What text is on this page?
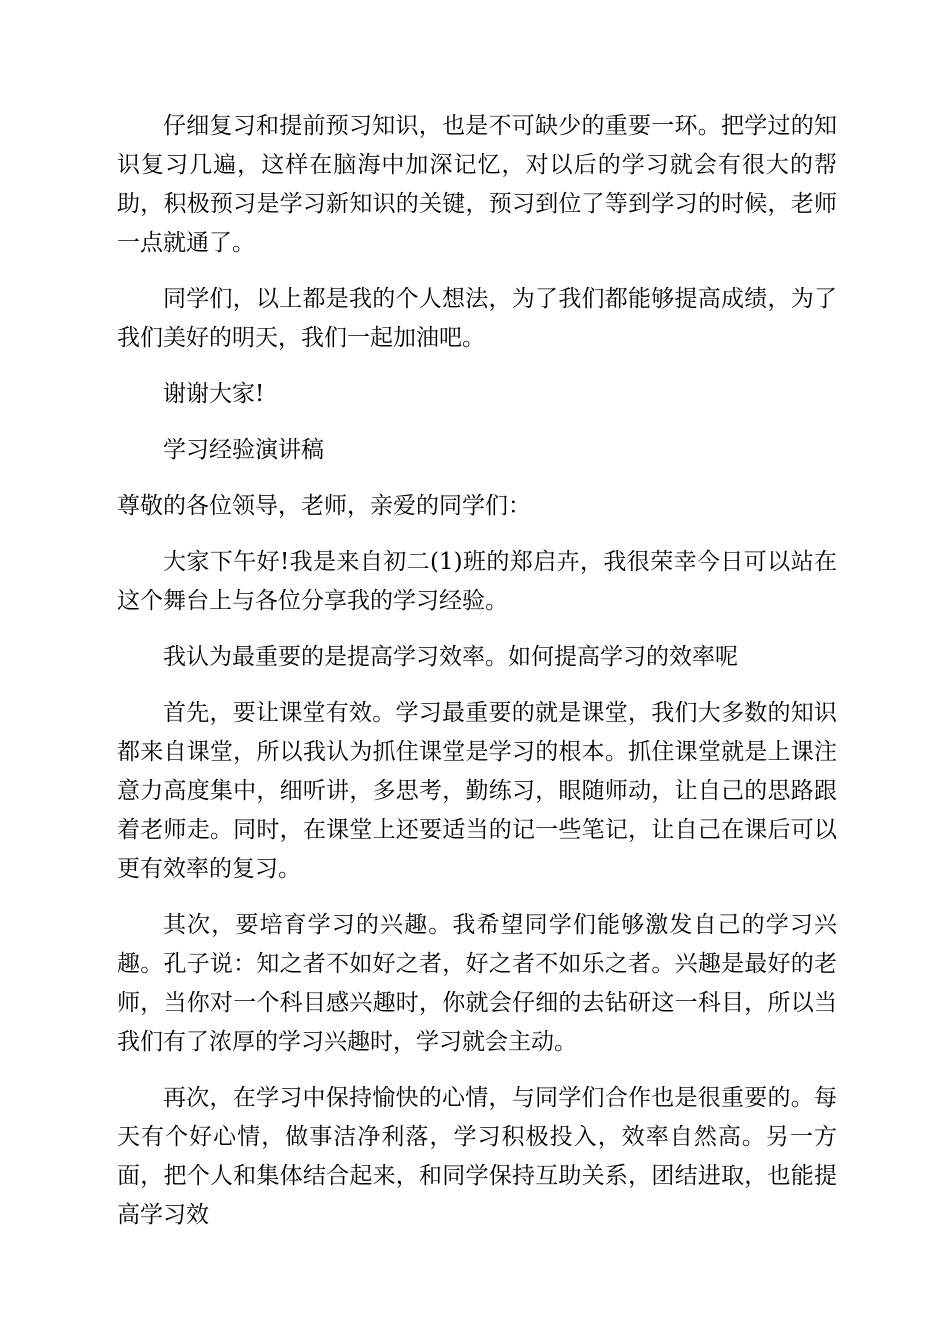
仔细复习和提前预习知识，也是不可缺少的重要一环。把学过的知识复习几遍，这样在脑海中加深记忆，对以后的学习就会有很大的帮助，积极预习是学习新知识的关键，预习到位了等到学习的时候，老师一点就通了。

同学们，以上都是我的个人想法，为了我们都能够提高成绩，为了我们美好的明天，我们一起加油吧。

谢谢大家!

学习经验演讲稿

尊敬的各位领导，老师，亲爱的同学们：

大家下午好!我是来自初二(1)班的郑启卉，我很荣幸今日可以站在这个舞台上与各位分享我的学习经验。

我认为最重要的是提高学习效率。如何提高学习的效率呢

首先，要让课堂有效。学习最重要的就是课堂，我们大多数的知识都来自课堂，所以我认为抓住课堂是学习的根本。抓住课堂就是上课注意力高度集中，细听讲，多思考，勤练习，眼随师动，让自己的思路跟着老师走。同时，在课堂上还要适当的记一些笔记，让自己在课后可以更有效率的复习。

其次，要培育学习的兴趣。我希望同学们能够激发自己的学习兴趣。孔子说：知之者不如好之者，好之者不如乐之者。兴趣是最好的老师，当你对一个科目感兴趣时，你就会仔细的去钻研这一科目，所以当我们有了浓厚的学习兴趣时，学习就会主动。

再次，在学习中保持愉快的心情，与同学们合作也是很重要的。每天有个好心情，做事洁净利落，学习积极投入，效率自然高。另一方面，把个人和集体结合起来，和同学保持互助关系，团结进取，也能提高学习效
